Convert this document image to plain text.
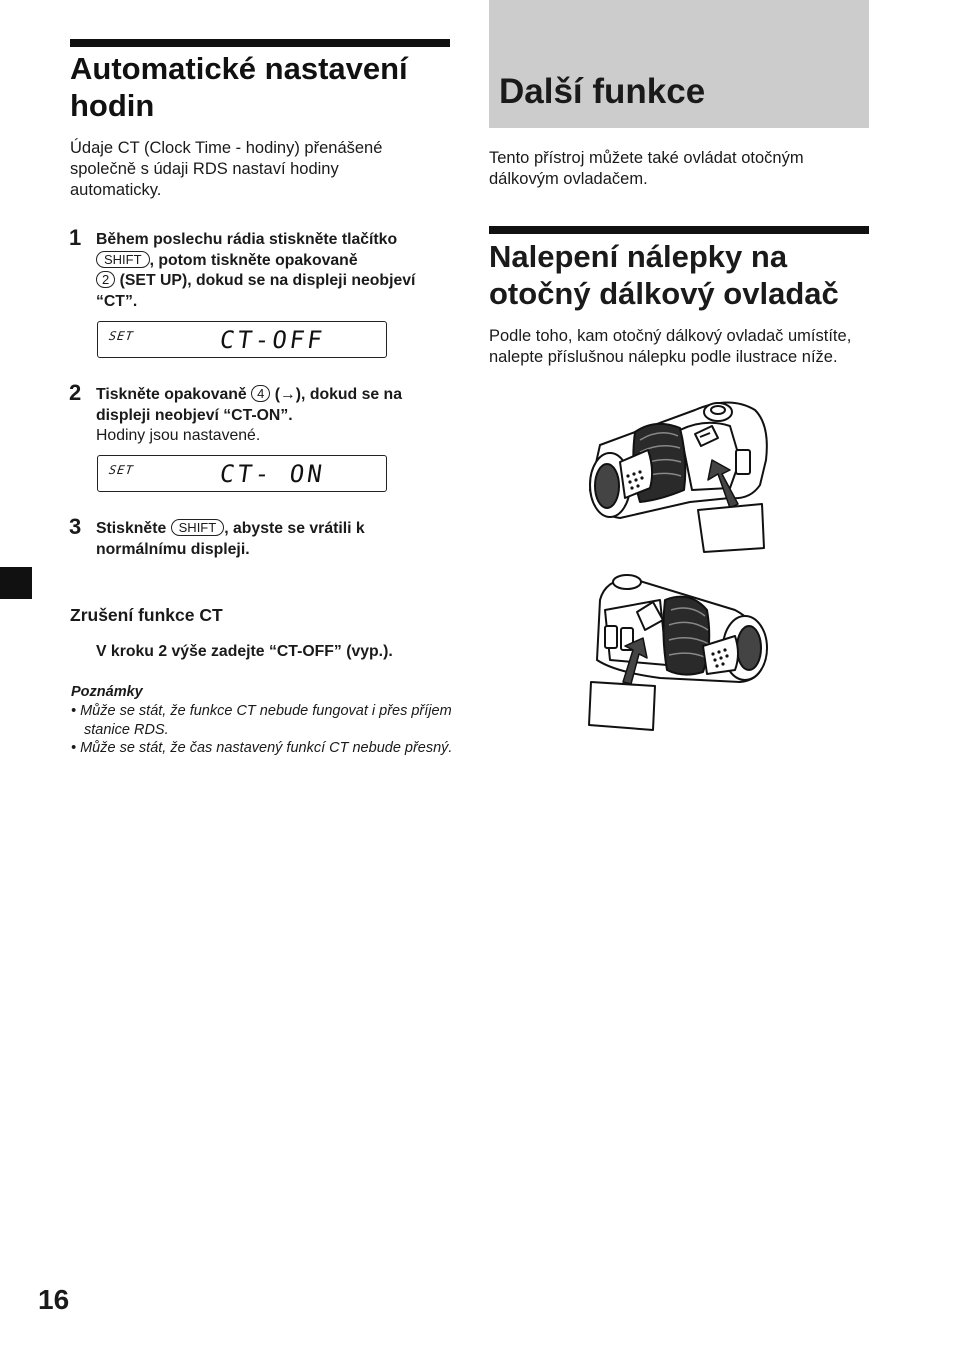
Automatické nastavení hodin

Údaje CT (Clock Time - hodiny) přenášené společně s údaji RDS nastaví hodiny automaticky.

1 Během poslechu rádia stiskněte tlačítko
SHIFT , potom tiskněte opakovaně
2 (SET UP), dokud se na displeji neobjeví “CT”.
SET	CT-OFF
2 Tiskněte opakovaně 4 (→), dokud se na displeji neobjeví “CT-ON”.
Hodiny jsou nastavené.
SET	CT- ON
3 Stiskněte SHIFT , abyste se vrátili k normálnímu displeji.
Zrušení funkce CT
V kroku 2 výše zadejte “CT-OFF” (vyp.).
Poznámky
• Může se stát, že funkce CT nebude fungovat i přes příjem stanice RDS.
• Může se stát, že čas nastavený funkcí CT nebude přesný.
16
Další funkce

Tento přístroj můžete také ovládat otočným dálkovým ovladačem.

Nalepení nálepky na otočný dálkový ovladač

Podle toho, kam otočný dálkový ovladač umístíte, nalepte příslušnou nálepku podle ilustrace níže.
